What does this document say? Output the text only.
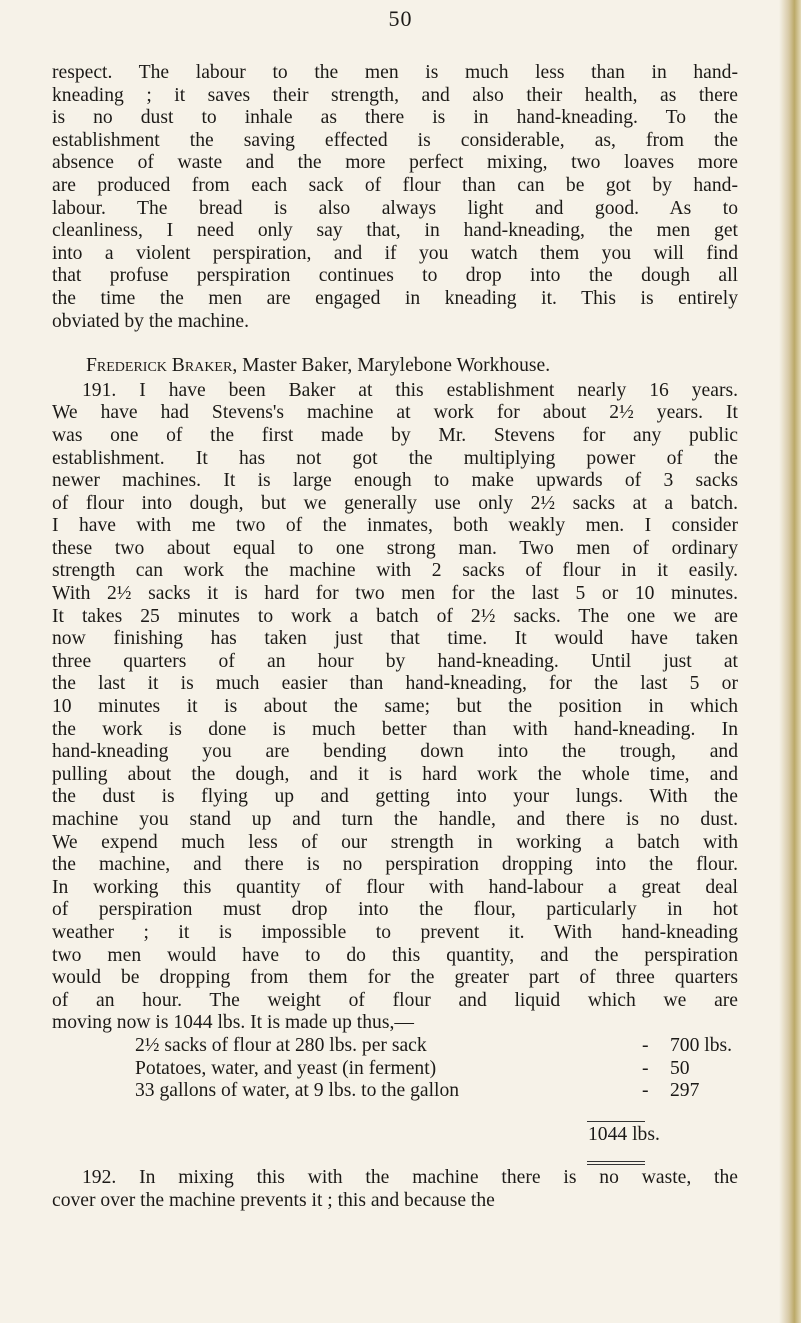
50
respect. The labour to the men is much less than in hand-
kneading ; it saves their strength, and also their health, as there
is no dust to inhale as there is in hand-kneading. To the
establishment the saving effected is considerable, as, from the
absence of waste and the more perfect mixing, two loaves more
are produced from each sack of flour than can be got by hand-
labour. The bread is also always light and good. As to
cleanliness, I need only say that, in hand-kneading, the men get
into a violent perspiration, and if you watch them you will find
that profuse perspiration continues to drop into the dough all
the time the men are engaged in kneading it. This is entirely
obviated by the machine.
Frederick Braker, Master Baker, Marylebone Workhouse.
191. I have been Baker at this establishment nearly 16 years.
We have had Stevens's machine at work for about 2½ years. It
was one of the first made by Mr. Stevens for any public
establishment. It has not got the multiplying power of the
newer machines. It is large enough to make upwards of 3 sacks
of flour into dough, but we generally use only 2½ sacks at a batch.
I have with me two of the inmates, both weakly men. I consider
these two about equal to one strong man. Two men of ordinary
strength can work the machine with 2 sacks of flour in it easily.
With 2½ sacks it is hard for two men for the last 5 or 10 minutes.
It takes 25 minutes to work a batch of 2½ sacks. The one we are
now finishing has taken just that time. It would have taken
three quarters of an hour by hand-kneading. Until just at
the last it is much easier than hand-kneading, for the last 5 or
10 minutes it is about the same; but the position in which
the work is done is much better than with hand-kneading. In
hand-kneading you are bending down into the trough, and
pulling about the dough, and it is hard work the whole time, and
the dust is flying up and getting into your lungs. With the
machine you stand up and turn the handle, and there is no dust.
We expend much less of our strength in working a batch with
the machine, and there is no perspiration dropping into the flour.
In working this quantity of flour with hand-labour a great deal
of perspiration must drop into the flour, particularly in hot
weather ; it is impossible to prevent it. With hand-kneading
two men would have to do this quantity, and the perspiration
would be dropping from them for the greater part of three quarters
of an hour. The weight of flour and liquid which we are
moving now is 1044 lbs. It is made up thus,—
2½ sacks of flour at 280 lbs. per sack	-	700 lbs.
Potatoes, water, and yeast (in ferment)	-	50
33 gallons of water, at 9 lbs. to the gallon	-	297
1044 lbs.
192. In mixing this with the machine there is no waste, the
cover over the machine prevents it ; this and because the
